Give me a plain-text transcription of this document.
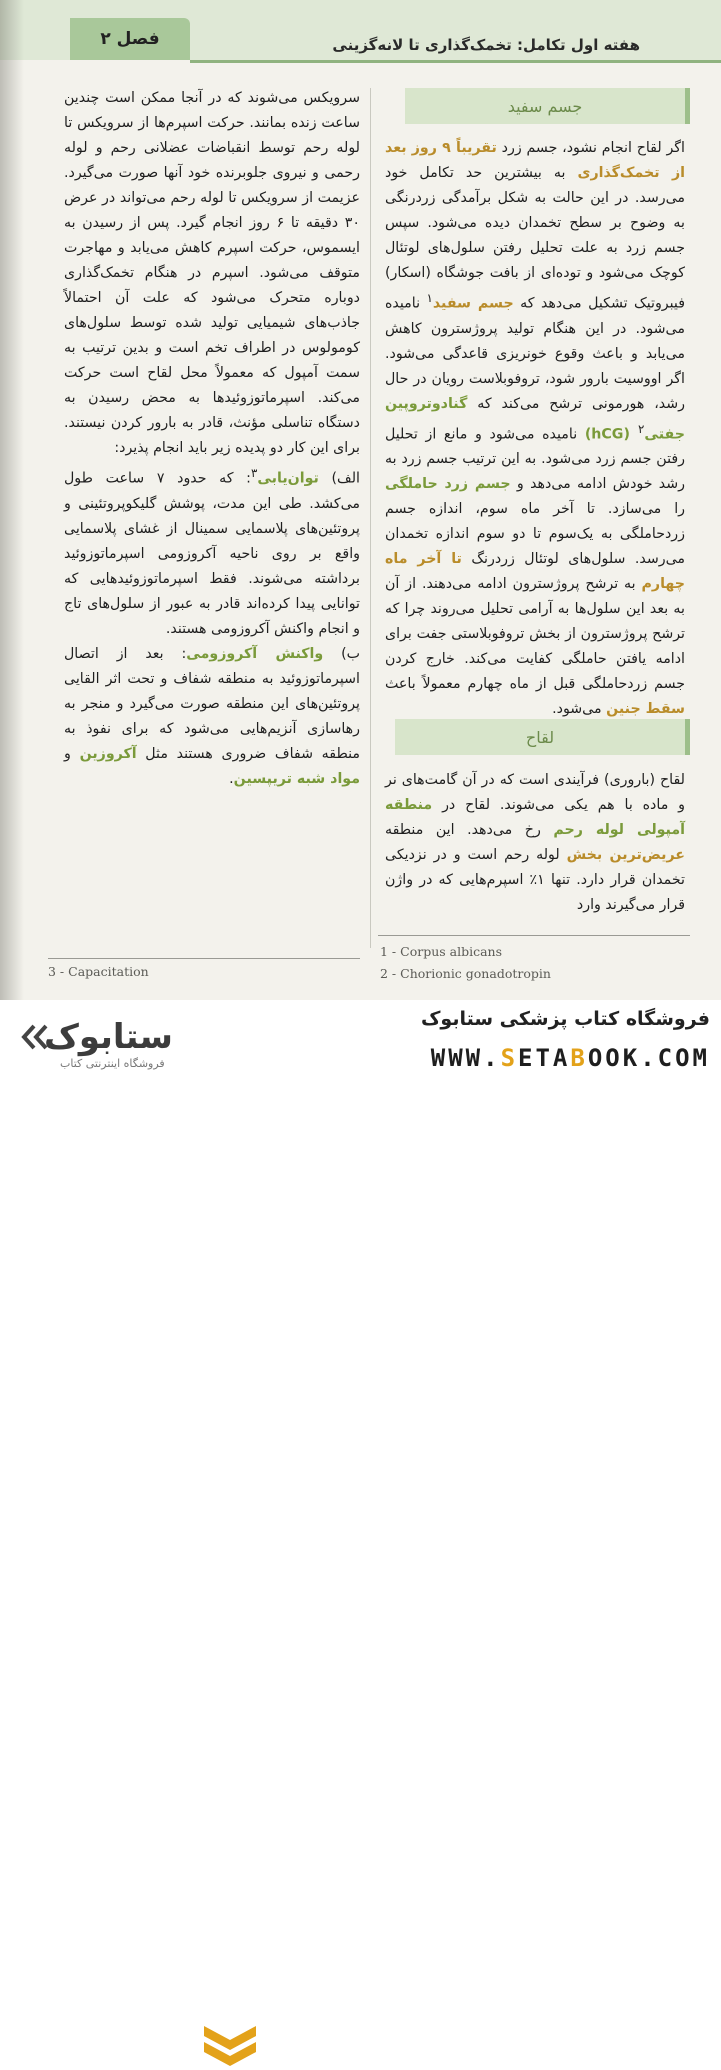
فصل ۲	هفته اول تکامل: تخمک‌گذاری تا لانه‌گزینی

سرویکس می‌شوند که در آنجا ممکن است چندین ساعت زنده بمانند. حرکت اسپرم‌ها از سرویکس تا لوله رحم توسط انقباضات عضلانی رحم و لوله رحمی و نیروی جلوبرنده خود آنها صورت می‌گیرد. عزیمت از سرویکس تا لوله رحم می‌تواند در عرض ۳۰ دقیقه تا ۶ روز انجام گیرد. پس از رسیدن به ایسموس، حرکت اسپرم کاهش می‌یابد و مهاجرت متوقف می‌شود. اسپرم در هنگام تخمک‌گذاری دوباره متحرک می‌شود که علت آن احتمالاً جاذب‌های شیمیایی تولید شده توسط سلول‌های کومولوس در اطراف تخم است و بدین ترتیب به سمت آمپول که معمولاً محل لقاح است حرکت می‌کند. اسپرماتوزوئیدها به محض رسیدن به دستگاه تناسلی مؤنث، قادر به بارور کردن نیستند. برای این کار دو پدیده زیر باید انجام پذیرد:

الف) توان‌یابی$^۳$: که حدود ۷ ساعت طول می‌کشد. طی این مدت، پوشش گلیکوپروتئینی و پروتئین‌های پلاسمایی سمینال از غشای پلاسمایی واقع بر روی ناحیه آکروزومی اسپرماتوزوئید برداشته می‌شوند. فقط اسپرماتوزوئیدهایی که توانایی پیدا کرده‌اند قادر به عبور از سلول‌های تاج و انجام واکنش آکروزومی هستند.

ب) واکنش آکروزومی: بعد از اتصال اسپرماتوزوئید به منطقه شفاف و تحت اثر القایی پروتئین‌های این منطقه صورت می‌گیرد و منجر به رهاسازی آنزیم‌هایی می‌شود که برای نفوذ به منطقه شفاف ضروری هستند مثل آکروزین و مواد شبه تریپسین.

جسم سفید

اگر لقاح انجام نشود، جسم زرد تقریباً ۹ روز بعد از تخمک‌گذاری به بیشترین حد تکامل خود می‌رسد. در این حالت به شکل برآمدگی زردرنگی به وضوح بر سطح تخمدان دیده می‌شود. سپس جسم زرد به علت تحلیل رفتن سلول‌های لوتئال کوچک می‌شود و توده‌ای از بافت جوشگاه (اسکار) فیبروتیک تشکیل می‌دهد که جسم سفید$^۱$ نامیده می‌شود. در این هنگام تولید پروژسترون کاهش می‌یابد و باعث وقوع خونریزی قاعدگی می‌شود. اگر اووسیت بارور شود، تروفوبلاست رویان در حال رشد، هورمونی ترشح می‌کند که گنادوتروپین جفتی$^۲$ (hCG) نامیده می‌شود و مانع از تحلیل رفتن جسم زرد می‌شود. به این ترتیب جسم زرد به رشد خودش ادامه می‌دهد و جسم زرد حاملگی را می‌سازد. تا آخر ماه سوم، اندازه جسم زردحاملگی به یک‌سوم تا دو سوم اندازه تخمدان می‌رسد. سلول‌های لوتئال زردرنگ تا آخر ماه چهارم به ترشح پروژسترون ادامه می‌دهند. از آن به بعد این سلول‌ها به آرامی تحلیل می‌روند چرا که ترشح پروژسترون از بخش تروفوبلاستی جفت برای ادامه یافتن حاملگی کفایت می‌کند. خارج کردن جسم زردحاملگی قبل از ماه چهارم معمولاً باعث سقط جنین می‌شود.

لقاح

لقاح (باروری) فرآیندی است که در آن گامت‌های نر و ماده با هم یکی می‌شوند. لقاح در منطقه آمپولی لوله رحم رخ می‌دهد. این منطقه عریض‌ترین بخش لوله رحم است و در نزدیکی تخمدان قرار دارد. تنها ۱٪ اسپرم‌هایی که در واژن قرار می‌گیرند وارد

3 - Capacitation
1 - Corpus albicans
2 - Chorionic gonadotropin
ستابوک
فروشگاه اینترنتی کتاب
فروشگاه کتاب پزشکی ستابوک
WWW.SETABOOK.COM
